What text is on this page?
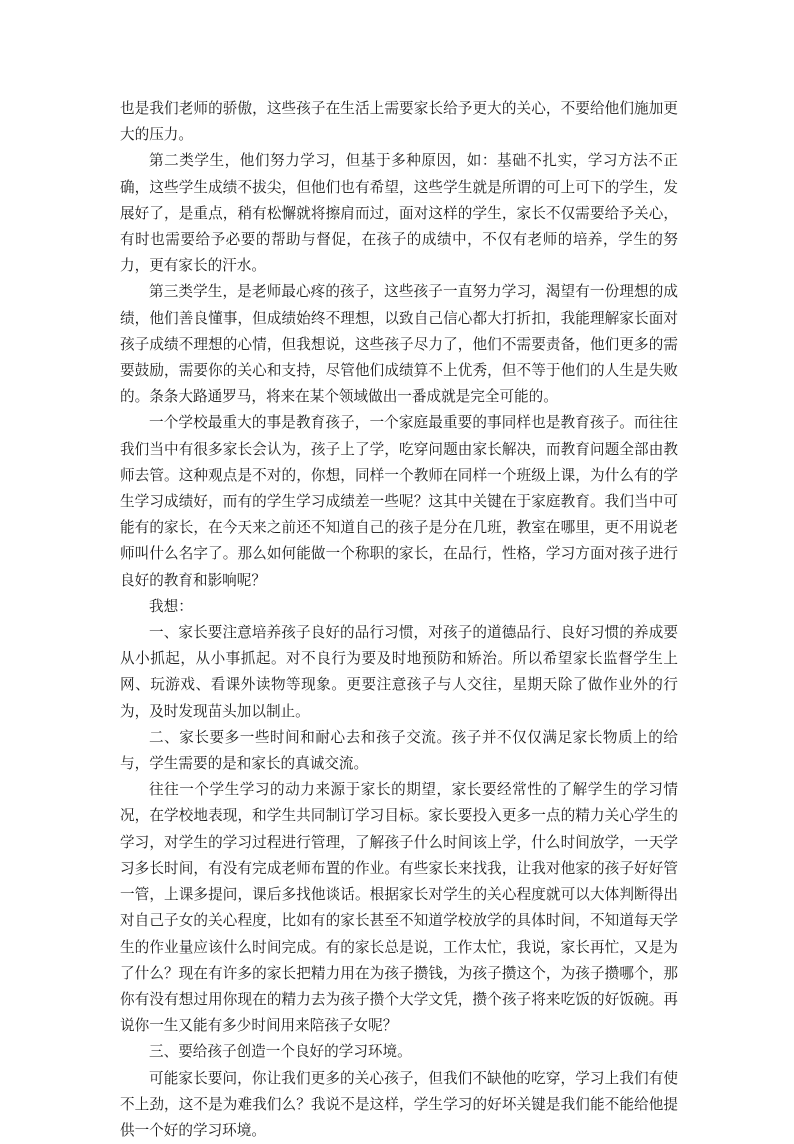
也是我们老师的骄傲，这些孩子在生活上需要家长给予更大的关心，不要给他们施加更大的压力。

第二类学生，他们努力学习，但基于多种原因，如：基础不扎实，学习方法不正确，这些学生成绩不拔尖，但他们也有希望，这些学生就是所谓的可上可下的学生，发展好了，是重点，稍有松懈就将擦肩而过，面对这样的学生，家长不仅需要给予关心，有时也需要给予必要的帮助与督促，在孩子的成绩中，不仅有老师的培养，学生的努力，更有家长的汗水。

第三类学生，是老师最心疼的孩子，这些孩子一直努力学习，渴望有一份理想的成绩，他们善良懂事，但成绩始终不理想，以致自己信心都大打折扣，我能理解家长面对孩子成绩不理想的心情，但我想说，这些孩子尽力了，他们不需要责备，他们更多的需要鼓励，需要你的关心和支持，尽管他们成绩算不上优秀，但不等于他们的人生是失败的。条条大路通罗马，将来在某个领域做出一番成就是完全可能的。

一个学校最重大的事是教育孩子，一个家庭最重要的事同样也是教育孩子。而往往我们当中有很多家长会认为，孩子上了学，吃穿问题由家长解决，而教育问题全部由教师去管。这种观点是不对的，你想，同样一个教师在同样一个班级上课，为什么有的学生学习成绩好，而有的学生学习成绩差一些呢？这其中关键在于家庭教育。我们当中可能有的家长，在今天来之前还不知道自己的孩子是分在几班，教室在哪里，更不用说老师叫什么名字了。那么如何能做一个称职的家长，在品行，性格，学习方面对孩子进行良好的教育和影响呢？

我想：

一、家长要注意培养孩子良好的品行习惯，对孩子的道德品行、良好习惯的养成要从小抓起，从小事抓起。对不良行为要及时地预防和矫治。所以希望家长监督学生上网、玩游戏、看课外读物等现象。更要注意孩子与人交往，星期天除了做作业外的行为，及时发现苗头加以制止。

二、家长要多一些时间和耐心去和孩子交流。孩子并不仅仅满足家长物质上的给与，学生需要的是和家长的真诚交流。

往往一个学生学习的动力来源于家长的期望，家长要经常性的了解学生的学习情况，在学校地表现，和学生共同制订学习目标。家长要投入更多一点的精力关心学生的学习，对学生的学习过程进行管理，了解孩子什么时间该上学，什么时间放学，一天学习多长时间，有没有完成老师布置的作业。有些家长来找我，让我对他家的孩子好好管一管，上课多提问，课后多找他谈话。根据家长对学生的关心程度就可以大体判断得出对自己子女的关心程度，比如有的家长甚至不知道学校放学的具体时间，不知道每天学生的作业量应该什么时间完成。有的家长总是说，工作太忙，我说，家长再忙，又是为了什么？现在有许多的家长把精力用在为孩子攒钱，为孩子攒这个，为孩子攒哪个，那你有没有想过用你现在的精力去为孩子攒个大学文凭，攒个孩子将来吃饭的好饭碗。再说你一生又能有多少时间用来陪孩子女呢？

三、要给孩子创造一个良好的学习环境。

可能家长要问，你让我们更多的关心孩子，但我们不缺他的吃穿，学习上我们有使不上劲，这不是为难我们么？我说不是这样，学生学习的好坏关键是我们能不能给他提供一个好的学习环境。
